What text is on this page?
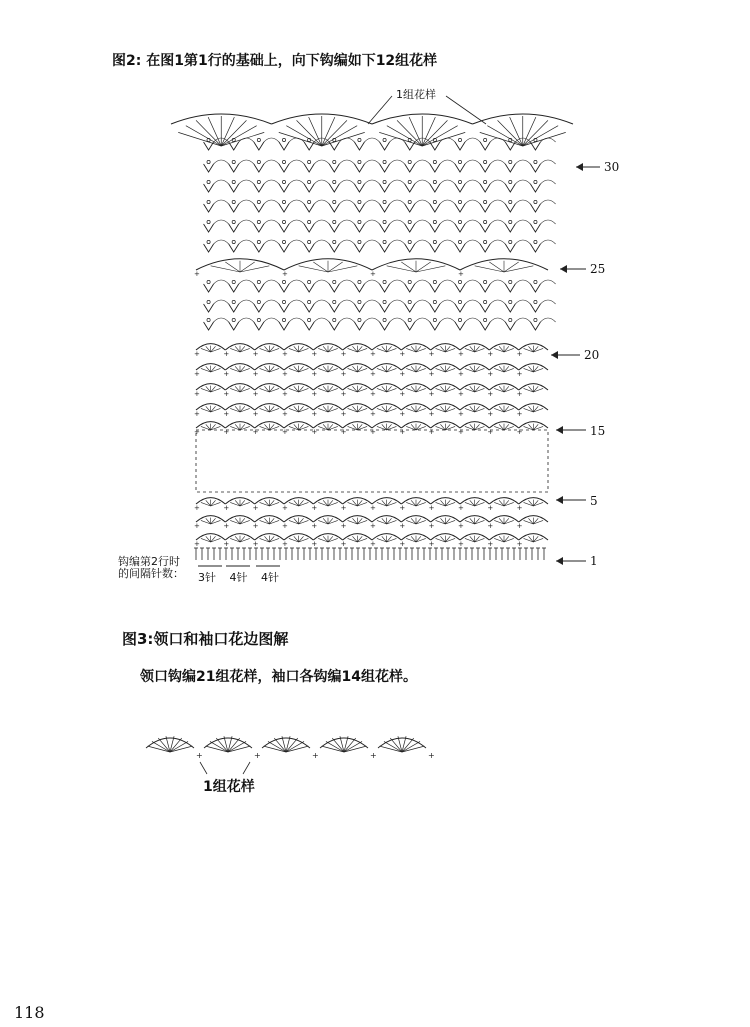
图2: 在图1第1行的基础上，向下钩编如下12组花样
1组花样
+	+	+	+
+	+	+	+	+	+	+	+	+	+	+	+
+	+	+	+	+	+	+	+	+	+	+	+
+	+	+	+	+	+	+	+	+	+	+	+
+	+	+	+	+	+	+	+	+	+	+	+
+	+	+	+	+	+	+	+	+	+	+	+
+	+	+	+	+	+	+	+	+	+	+	+
+	+	+	+	+	+	+	+	+	+	+	+
+	+	+	+	+	+	+	+	+	+	+	+
+	+	+	+	+
30
25
20
15
5
1
钩编第2行时
的间隔针数： 3针 4针 4针
图3:领口和袖口花边图解
领口钩编21组花样，袖口各钩编14组花样。
1组花样
118
